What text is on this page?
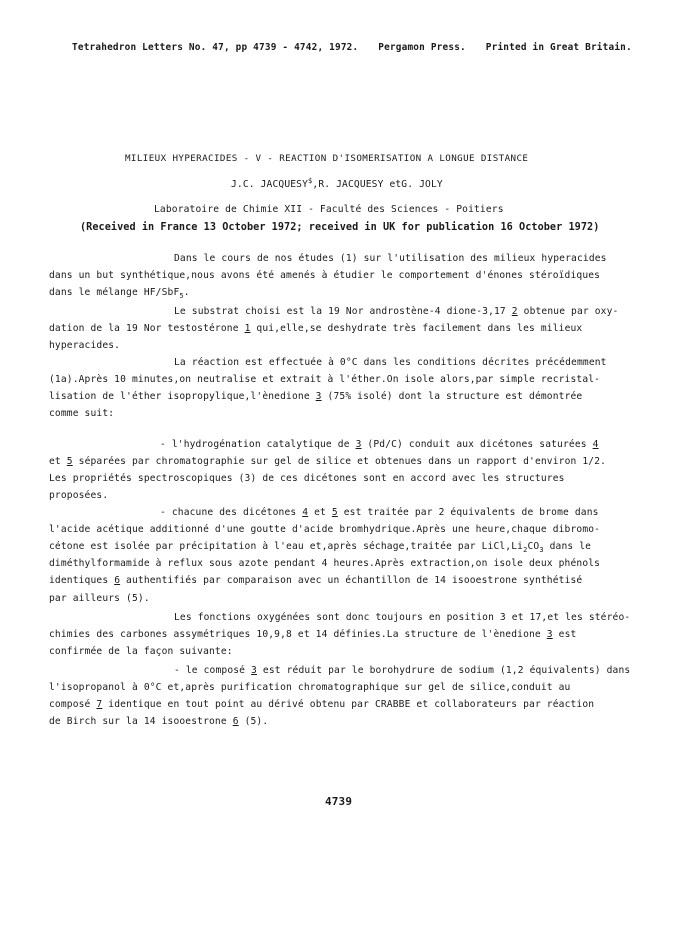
Tetrahedron Letters No. 47, pp 4739 - 4742, 1972. Pergamon Press. Printed in Great Britain.
MILIEUX HYPERACIDES - V - REACTION D'ISOMERISATION A LONGUE DISTANCE
J.C. JACQUESY$,R. JACQUESY etG. JOLY
Laboratoire de Chimie XII - Faculté des Sciences - Poitiers
(Received in France 13 October 1972; received in UK for publication 16 October 1972)
Dans le cours de nos études (1) sur l'utilisation des milieux hyperacides
dans un but synthétique,nous avons été amenés à étudier le comportement d'énones stéroïdiques
dans le mélange HF/SbF$_5$.
Le substrat choisi est la 19 Nor androstène-4 dione-3,17 2 obtenue par oxy-
dation de la 19 Nor testostérone 1 qui,elle,se deshydrate très facilement dans les milieux
hyperacides.
La réaction est effectuée à 0°C dans les conditions décrites précédemment
(1a).Après 10 minutes,on neutralise et extrait à l'éther.On isole alors,par simple recristal-
lisation de l'éther isopropylique,l'ènedione 3 (75% isolé) dont la structure est démontrée
comme suit:
- l'hydrogénation catalytique de 3 (Pd/C) conduit aux dicétones saturées 4
et 5 séparées par chromatographie sur gel de silice et obtenues dans un rapport d'environ 1/2.
Les propriétés spectroscopiques (3) de ces dicétones sont en accord avec les structures
proposées.
- chacune des dicétones 4 et 5 est traitée par 2 équivalents de brome dans
l'acide acétique additionné d'une goutte d'acide bromhydrique.Après une heure,chaque dibromo-
cétone est isolée par précipitation à l'eau et,après séchage,traitée par $LiCl,Li_2CO_3$ dans le
diméthylformamide à reflux sous azote pendant 4 heures.Après extraction,on isole deux phénols
identiques 6 authentifiés par comparaison avec un échantillon de 14 isooestrone synthétisé
par ailleurs (5).
Les fonctions oxygénées sont donc toujours en position 3 et 17,et les stéréo-
chimies des carbones assymétriques 10,9,8 et 14 définies.La structure de l'ènedione 3 est
confirmée de la façon suivante:
- le composé 3 est réduit par le borohydrure de sodium (1,2 équivalents) dans
l'isopropanol à 0°C et,après purification chromatographique sur gel de silice,conduit au
composé 7 identique en tout point au dérivé obtenu par CRABBE et collaborateurs par réaction
de Birch sur la 14 isooestrone 6 (5).
4739
